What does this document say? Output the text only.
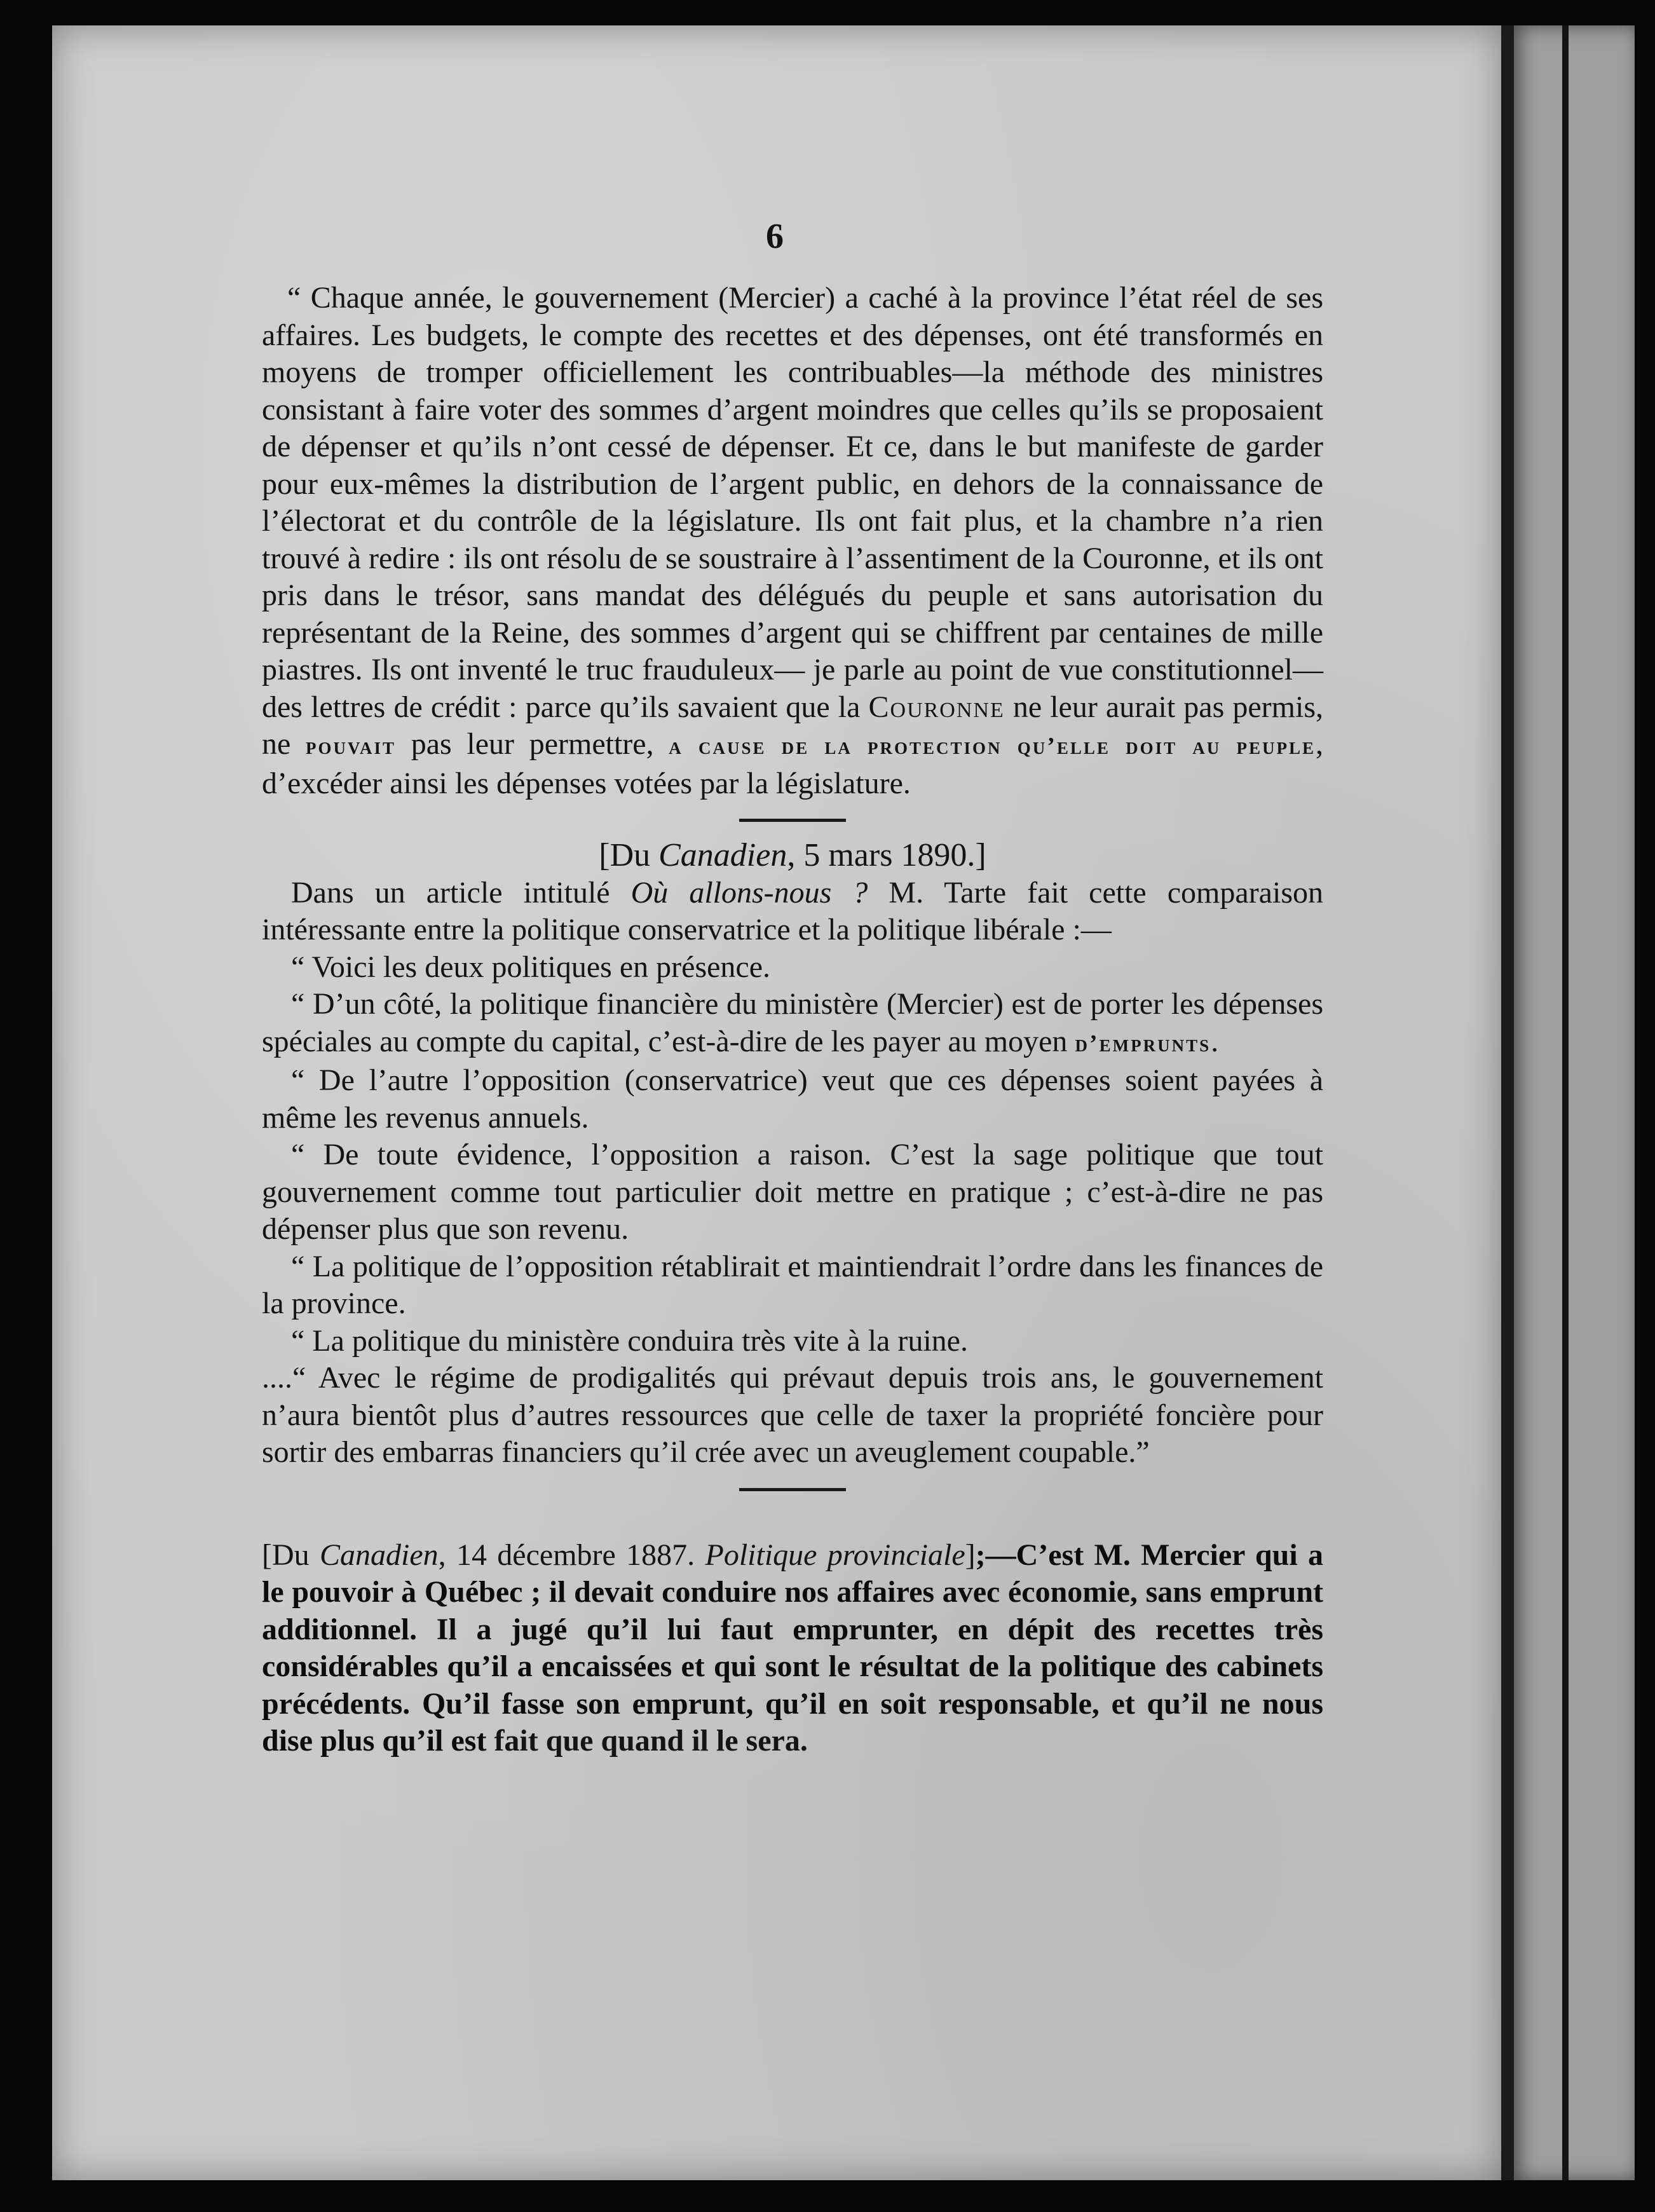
6

“ Chaque année, le gouvernement (Mercier) a caché à la province l’état réel de ses affaires. Les budgets, le compte des recettes et des dépenses, ont été transformés en moyens de tromper officiellement les contribuables—la méthode des ministres consistant à faire voter des sommes d’argent moindres que celles qu’ils se proposaient de dépenser et qu’ils n’ont cessé de dépenser. Et ce, dans le but manifeste de garder pour eux-mêmes la distribution de l’argent public, en dehors de la connaissance de l’électorat et du contrôle de la législature. Ils ont fait plus, et la chambre n’a rien trouvé à redire : ils ont résolu de se soustraire à l’assentiment de la Couronne, et ils ont pris dans le trésor, sans mandat des délégués du peuple et sans autorisation du représentant de la Reine, des sommes d’argent qui se chiffrent par centaines de mille piastres. Ils ont inventé le truc frauduleux— je parle au point de vue constitutionnel—des lettres de crédit : parce qu’ils savaient que la Couronne ne leur aurait pas permis, ne pouvait pas leur permettre, a cause de la protection qu’elle doit au peuple, d’excéder ainsi les dépenses votées par la législature.

[Du Canadien, 5 mars 1890.]

Dans un article intitulé Où allons-nous ? M. Tarte fait cette comparaison intéressante entre la politique conservatrice et la politique libérale :—

“ Voici les deux politiques en présence.

“ D’un côté, la politique financière du ministère (Mercier) est de porter les dépenses spéciales au compte du capital, c’est-à-dire de les payer au moyen d’emprunts.

“ De l’autre l’opposition (conservatrice) veut que ces dépenses soient payées à même les revenus annuels.

“ De toute évidence, l’opposition a raison. C’est la sage politique que tout gouvernement comme tout particulier doit mettre en pratique ; c’est-à-dire ne pas dépenser plus que son revenu.

“ La politique de l’opposition rétablirait et maintiendrait l’ordre dans les finances de la province.

“ La politique du ministère conduira très vite à la ruine.

....“ Avec le régime de prodigalités qui prévaut depuis trois ans, le gouvernement n’aura bientôt plus d’autres ressources que celle de taxer la propriété foncière pour sortir des embarras financiers qu’il crée avec un aveuglement coupable.”

[Du Canadien, 14 décembre 1887. Politique provinciale];—C’est M. Mercier qui a le pouvoir à Québec ; il devait conduire nos affaires avec économie, sans emprunt additionnel. Il a jugé qu’il lui faut emprunter, en dépit des recettes très considérables qu’il a encaissées et qui sont le résultat de la politique des cabinets précédents. Qu’il fasse son emprunt, qu’il en soit responsable, et qu’il ne nous dise plus qu’il est fait que quand il le sera.
